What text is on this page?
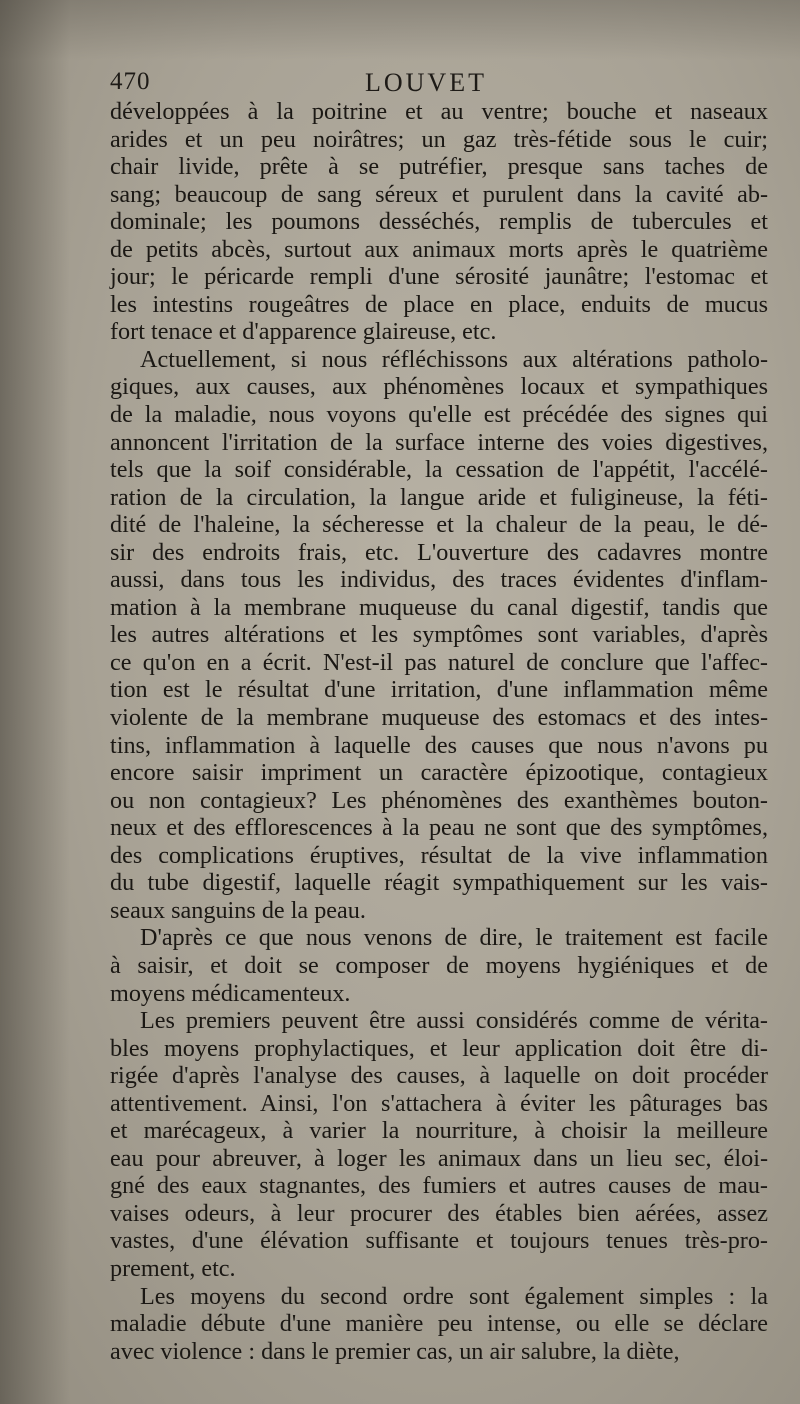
470	LOUVET
développées à la poitrine et au ventre; bouche et naseaux
arides et un peu noirâtres; un gaz très-fétide sous le cuir;
chair livide, prête à se putréfier, presque sans taches de
sang; beaucoup de sang séreux et purulent dans la cavité ab-
dominale; les poumons desséchés, remplis de tubercules et
de petits abcès, surtout aux animaux morts après le quatrième
jour; le péricarde rempli d'une sérosité jaunâtre; l'estomac et
les intestins rougeâtres de place en place, enduits de mucus
fort tenace et d'apparence glaireuse, etc.
Actuellement, si nous réfléchissons aux altérations patholo-
giques, aux causes, aux phénomènes locaux et sympathiques
de la maladie, nous voyons qu'elle est précédée des signes qui
annoncent l'irritation de la surface interne des voies digestives,
tels que la soif considérable, la cessation de l'appétit, l'accélé-
ration de la circulation, la langue aride et fuligineuse, la féti-
dité de l'haleine, la sécheresse et la chaleur de la peau, le dé-
sir des endroits frais, etc. L'ouverture des cadavres montre
aussi, dans tous les individus, des traces évidentes d'inflam-
mation à la membrane muqueuse du canal digestif, tandis que
les autres altérations et les symptômes sont variables, d'après
ce qu'on en a écrit. N'est-il pas naturel de conclure que l'affec-
tion est le résultat d'une irritation, d'une inflammation même
violente de la membrane muqueuse des estomacs et des intes-
tins, inflammation à laquelle des causes que nous n'avons pu
encore saisir impriment un caractère épizootique, contagieux
ou non contagieux? Les phénomènes des exanthèmes bouton-
neux et des efflorescences à la peau ne sont que des symptômes,
des complications éruptives, résultat de la vive inflammation
du tube digestif, laquelle réagit sympathiquement sur les vais-
seaux sanguins de la peau.
D'après ce que nous venons de dire, le traitement est facile
à saisir, et doit se composer de moyens hygiéniques et de
moyens médicamenteux.
Les premiers peuvent être aussi considérés comme de vérita-
bles moyens prophylactiques, et leur application doit être di-
rigée d'après l'analyse des causes, à laquelle on doit procéder
attentivement. Ainsi, l'on s'attachera à éviter les pâturages bas
et marécageux, à varier la nourriture, à choisir la meilleure
eau pour abreuver, à loger les animaux dans un lieu sec, éloi-
gné des eaux stagnantes, des fumiers et autres causes de mau-
vaises odeurs, à leur procurer des étables bien aérées, assez
vastes, d'une élévation suffisante et toujours tenues très-pro-
prement, etc.
Les moyens du second ordre sont également simples : la
maladie débute d'une manière peu intense, ou elle se déclare
avec violence : dans le premier cas, un air salubre, la diète,
